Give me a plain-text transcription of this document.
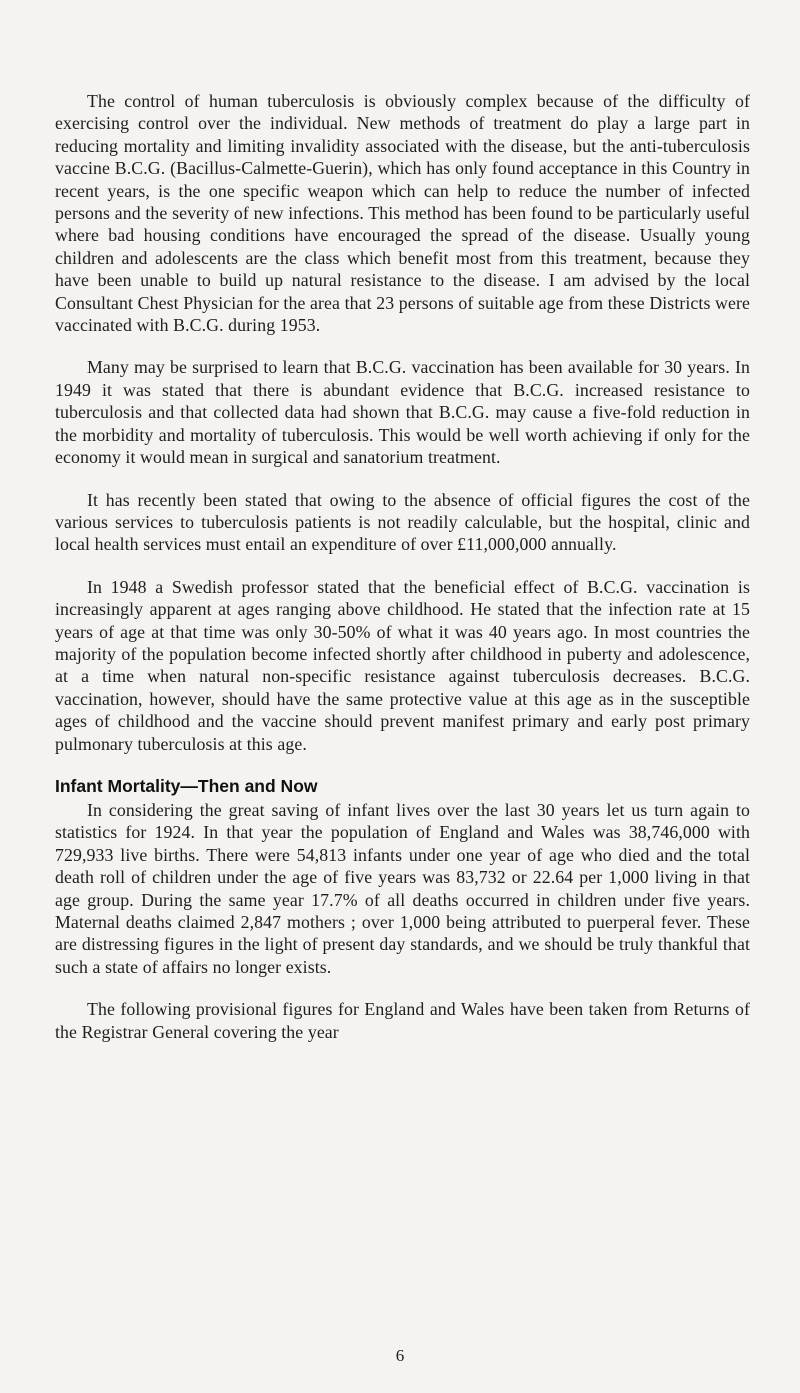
The control of human tuberculosis is obviously complex because of the difficulty of exercising control over the individual. New methods of treatment do play a large part in reducing mortality and limiting invalidity associated with the disease, but the anti-tuberculosis vaccine B.C.G. (Bacillus-Calmette-Guerin), which has only found acceptance in this Country in recent years, is the one specific weapon which can help to reduce the number of infected persons and the severity of new infections. This method has been found to be particularly useful where bad housing conditions have encouraged the spread of the disease. Usually young children and adolescents are the class which benefit most from this treatment, because they have been unable to build up natural resistance to the disease. I am advised by the local Consultant Chest Physician for the area that 23 persons of suitable age from these Districts were vaccinated with B.C.G. during 1953.

Many may be surprised to learn that B.C.G. vaccination has been available for 30 years. In 1949 it was stated that there is abundant evidence that B.C.G. increased resistance to tuberculosis and that collected data had shown that B.C.G. may cause a five-fold reduction in the morbidity and mortality of tuberculosis. This would be well worth achieving if only for the economy it would mean in surgical and sanatorium treatment.

It has recently been stated that owing to the absence of official figures the cost of the various services to tuberculosis patients is not readily calculable, but the hospital, clinic and local health services must entail an expenditure of over £11,000,000 annually.

In 1948 a Swedish professor stated that the beneficial effect of B.C.G. vaccination is increasingly apparent at ages ranging above childhood. He stated that the infection rate at 15 years of age at that time was only 30-50% of what it was 40 years ago. In most countries the majority of the population become infected shortly after childhood in puberty and adolescence, at a time when natural non-specific resistance against tuberculosis decreases. B.C.G. vaccination, however, should have the same protective value at this age as in the susceptible ages of childhood and the vaccine should prevent manifest primary and early post primary pulmonary tuberculosis at this age.

Infant Mortality—Then and Now

In considering the great saving of infant lives over the last 30 years let us turn again to statistics for 1924. In that year the population of England and Wales was 38,746,000 with 729,933 live births. There were 54,813 infants under one year of age who died and the total death roll of children under the age of five years was 83,732 or 22.64 per 1,000 living in that age group. During the same year 17.7% of all deaths occurred in children under five years. Maternal deaths claimed 2,847 mothers ; over 1,000 being attributed to puerperal fever. These are distressing figures in the light of present day standards, and we should be truly thankful that such a state of affairs no longer exists.

The following provisional figures for England and Wales have been taken from Returns of the Registrar General covering the year

6
